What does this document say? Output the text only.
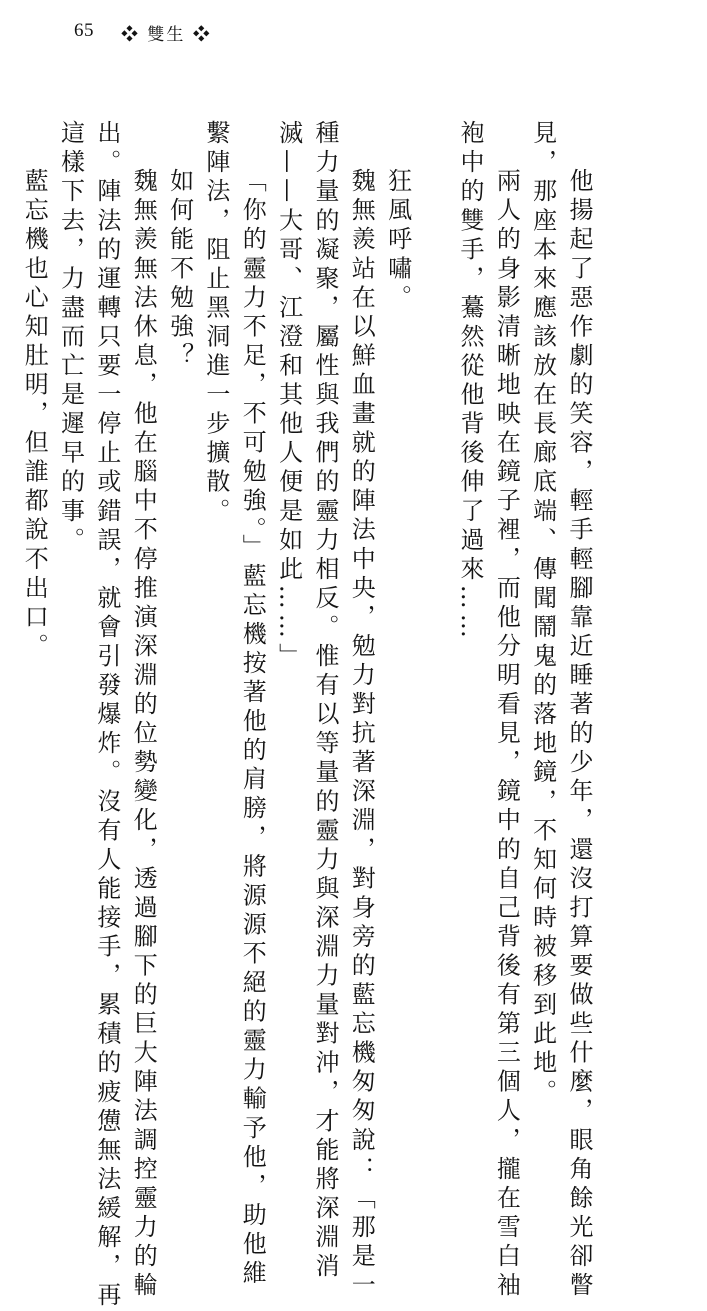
65 ❖ 雙生 ❖

他揚起了惡作劇的笑容，輕手輕腳靠近睡著的少年，還沒打算要做些什麼，眼角餘光卻瞥

見，那座本來應該放在長廊底端、傳聞鬧鬼的落地鏡，不知何時被移到此地。

兩人的身影清晰地映在鏡子裡，而他分明看見，鏡中的自己背後有第三個人，攏在雪白袖

袍中的雙手，驀然從他背後伸了過來……

狂風呼嘯。

魏無羨站在以鮮血畫就的陣法中央，勉力對抗著深淵，對身旁的藍忘機匆匆說：「那是一

種力量的凝聚，屬性與我們的靈力相反。惟有以等量的靈力與深淵力量對沖，才能將深淵消

滅——大哥、江澄和其他人便是如此……」

「你的靈力不足，不可勉強。」藍忘機按著他的肩膀，將源源不絕的靈力輸予他，助他維

繫陣法，阻止黑洞進一步擴散。

如何能不勉強？

魏無羨無法休息，他在腦中不停推演深淵的位勢變化，透過腳下的巨大陣法調控靈力的輪

出。陣法的運轉只要一停止或錯誤，就會引發爆炸。沒有人能接手，累積的疲憊無法緩解，再

這樣下去，力盡而亡是遲早的事。

藍忘機也心知肚明，但誰都說不出口。
